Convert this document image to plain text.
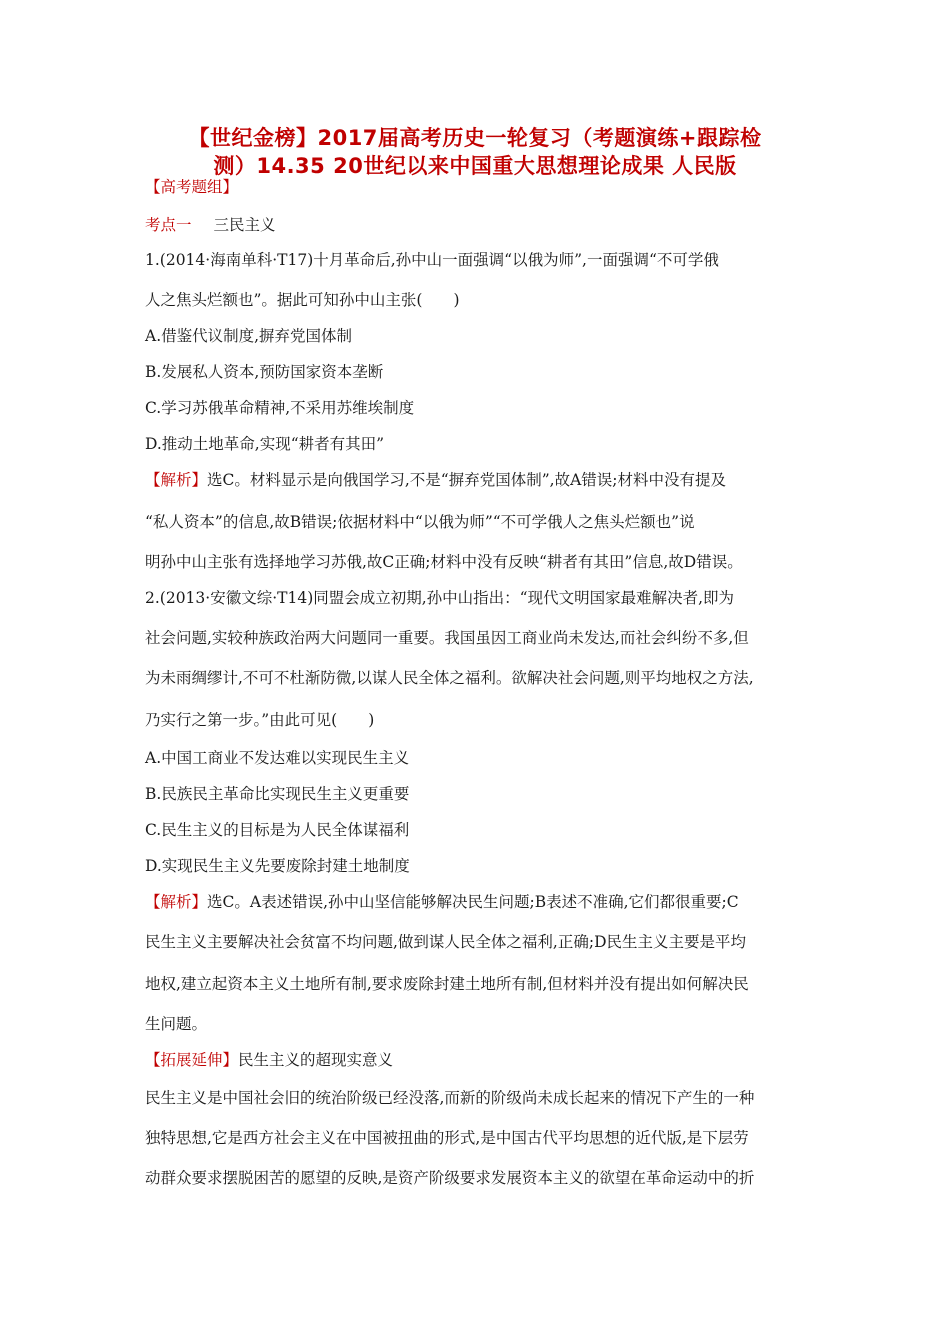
【世纪金榜】2017届高考历史一轮复习（考题演练+跟踪检
测）14.35 20世纪以来中国重大思想理论成果 人民版
【高考题组】
考点一 三民主义
1.(2014·海南单科·T17)十月革命后,孙中山一面强调“以俄为师”,一面强调“不可学俄
人之焦头烂额也”。据此可知孙中山主张(　　)
A.借鉴代议制度,摒弃党国体制
B.发展私人资本,预防国家资本垄断
C.学习苏俄革命精神,不采用苏维埃制度
D.推动土地革命,实现“耕者有其田”
【解析】选C。材料显示是向俄国学习,不是“摒弃党国体制”,故A错误;材料中没有提及
“私人资本”的信息,故B错误;依据材料中“以俄为师”“不可学俄人之焦头烂额也”说
明孙中山主张有选择地学习苏俄,故C正确;材料中没有反映“耕者有其田”信息,故D错误。
2.(2013·安徽文综·T14)同盟会成立初期,孙中山指出：“现代文明国家最难解决者,即为
社会问题,实较种族政治两大问题同一重要。我国虽因工商业尚未发达,而社会纠纷不多,但
为未雨绸缪计,不可不杜渐防微,以谋人民全体之福利。欲解决社会问题,则平均地权之方法,
乃实行之第一步。”由此可见(　　)
A.中国工商业不发达难以实现民生主义
B.民族民主革命比实现民生主义更重要
C.民生主义的目标是为人民全体谋福利
D.实现民生主义先要废除封建土地制度
【解析】选C。A表述错误,孙中山坚信能够解决民生问题;B表述不准确,它们都很重要;C
民生主义主要解决社会贫富不均问题,做到谋人民全体之福利,正确;D民生主义主要是平均
地权,建立起资本主义土地所有制,要求废除封建土地所有制,但材料并没有提出如何解决民
生问题。
【拓展延伸】民生主义的超现实意义
民生主义是中国社会旧的统治阶级已经没落,而新的阶级尚未成长起来的情况下产生的一种
独特思想,它是西方社会主义在中国被扭曲的形式,是中国古代平均思想的近代版,是下层劳
动群众要求摆脱困苦的愿望的反映,是资产阶级要求发展资本主义的欲望在革命运动中的折
